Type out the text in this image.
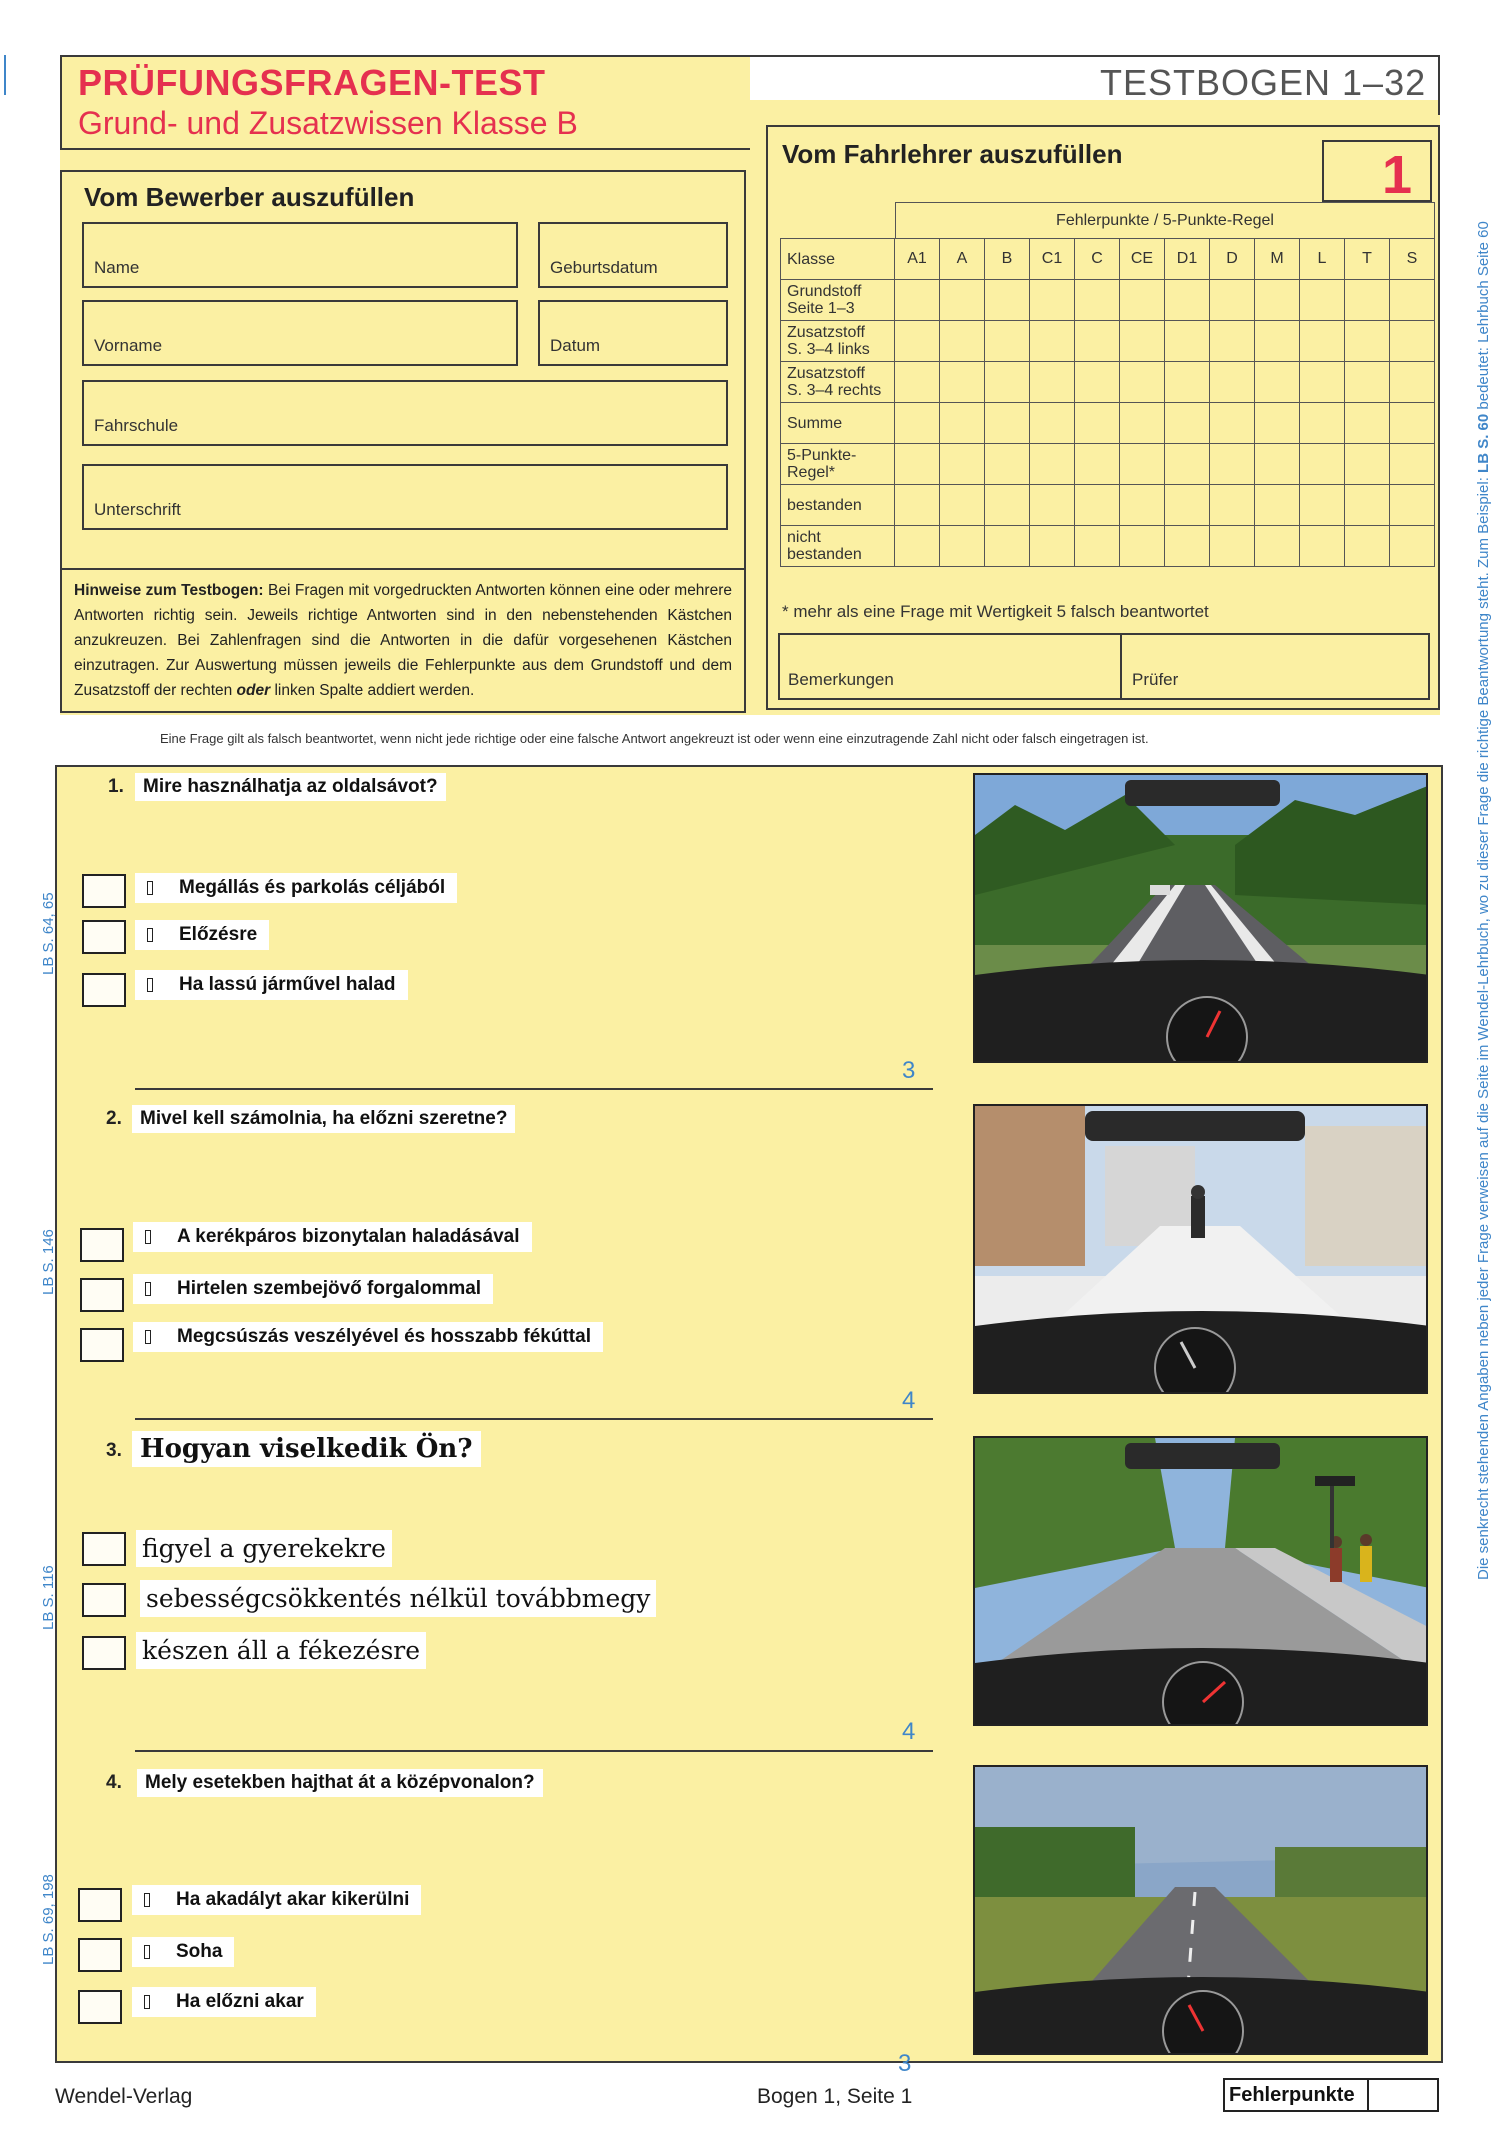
PRÜFUNGSFRAGEN-TEST
Grund- und Zusatzwissen Klasse B
TESTBOGEN 1–32
Vom Bewerber auszufüllen
Name	Geburtsdatum
Vorname	Datum
Fahrschule
Unterschrift
Hinweise zum Testbogen: Bei Fragen mit vorgedruckten Antworten können eine oder mehrere Antworten richtig sein. Jeweils richtige Antworten sind in den nebenstehenden Kästchen anzukreuzen. Bei Zahlenfragen sind die Antworten in die dafür vorgesehenen Kästchen einzutragen. Zur Auswertung müssen jeweils die Fehlerpunkte aus dem Grundstoff und dem Zusatzstoff der rechten oder linken Spalte addiert werden.
Vom Fahrlehrer auszufüllen	1
Fehlerpunkte / 5-Punkte-Regel
Klasse	A1	A	B	C1	C	CE	D1	D	M	L	T	S

Grundstoff
Seite 1–3												

Zusatzstoff
S. 3–4 links												

Zusatzstoff
S. 3–4 rechts												

Summe												

5-Punkte-
Regel*												

bestanden												

nicht
bestanden												

* mehr als eine Frage mit Wertigkeit 5 falsch beantwortet
Bemerkungen	Prüfer
Eine Frage gilt als falsch beantwortet, wenn nicht jede richtige oder eine falsche Antwort angekreuzt ist oder wenn eine einzutragende Zahl nicht oder falsch eingetragen ist.	Die senkrecht stehenden Angaben neben jeder Frage verweisen auf die Seite im Wendel-Lehrbuch, wo zu dieser Frage die richtige Beantwortung steht. Zum Beispiel: LB S. 60 bedeutet: Lehrbuch Seite 60
1.	Mire használhatja az oldalsávot?
LB S. 64, 65
Megállás és parkolás céljából
Előzésre
Ha lassú járművel halad
3
2. Mivel kell számolnia, ha előzni szeretne?
LB S. 146	A kerékpáros bizonytalan haladásával
Hirtelen szembejövő forgalommal
Megcsúszás veszélyével és hosszabb fékúttal
4
3. Hogyan viselkedik Ön?
LB S. 116
figyel a gyerekekre
sebességcsökkentés nélkül továbbmegy
készen áll a fékezésre
4
4.	Mely esetekben hajthat át a középvonalon?
LB S. 69, 198	Ha akadályt akar kikerülni
Soha
Ha előzni akar
3
Wendel-Verlag	Bogen 1, Seite 1	Fehlerpunkte
